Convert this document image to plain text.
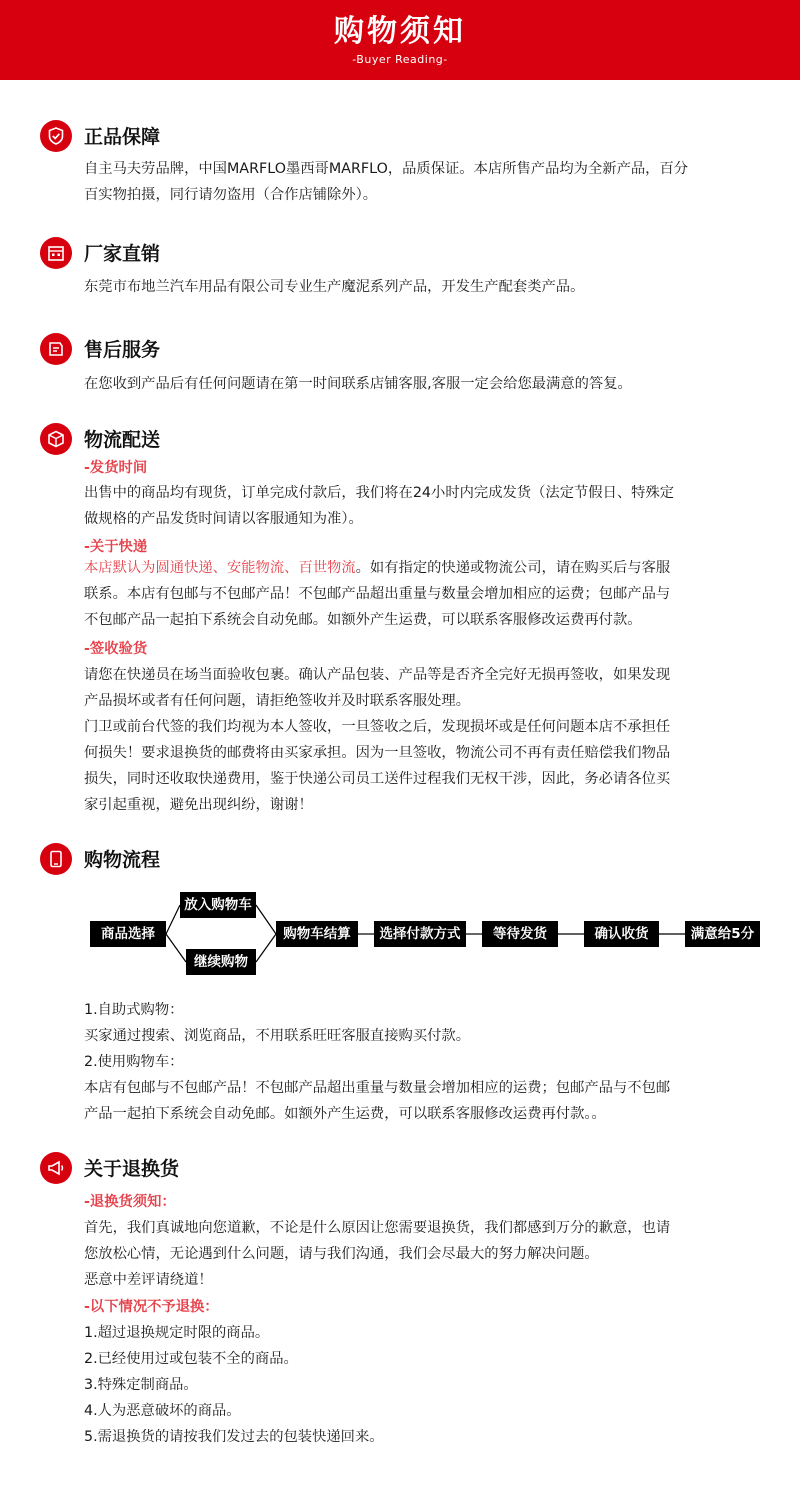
购物须知
-Buyer Reading-
正品保障
自主马夫劳品牌，中国MARFLO墨西哥MARFLO，品质保证。本店所售产品均为全新产品，百分
百实物拍摄，同行请勿盗用（合作店铺除外）。
厂家直销
东莞市布地兰汽车用品有限公司专业生产魔泥系列产品，开发生产配套类产品。
售后服务
在您收到产品后有任何问题请在第一时间联系店铺客服,客服一定会给您最满意的答复。
物流配送
-发货时间
出售中的商品均有现货，订单完成付款后，我们将在24小时内完成发货（法定节假日、特殊定
做规格的产品发货时间请以客服通知为准）。
-关于快递
本店默认为圆通快递、安能物流、百世物流。如有指定的快递或物流公司，请在购买后与客服
联系。本店有包邮与不包邮产品！不包邮产品超出重量与数量会增加相应的运费；包邮产品与
不包邮产品一起拍下系统会自动免邮。如额外产生运费，可以联系客服修改运费再付款。
-签收验货
请您在快递员在场当面验收包裹。确认产品包装、产品等是否齐全完好无损再签收，如果发现
产品损坏或者有任何问题，请拒绝签收并及时联系客服处理。
门卫或前台代签的我们均视为本人签收，一旦签收之后，发现损坏或是任何问题本店不承担任
何损失！要求退换货的邮费将由买家承担。因为一旦签收，物流公司不再有责任赔偿我们物品
损失，同时还收取快递费用，鉴于快递公司员工送件过程我们无权干涉，因此，务必请各位买
家引起重视，避免出现纠纷，谢谢！
购物流程
商品选择
放入购物车
继续购物
购物车结算	选择付款方式	等待发货	确认收货	满意给5分
1.自助式购物：
买家通过搜索、浏览商品，不用联系旺旺客服直接购买付款。
2.使用购物车：
本店有包邮与不包邮产品！不包邮产品超出重量与数量会增加相应的运费；包邮产品与不包邮
产品一起拍下系统会自动免邮。如额外产生运费，可以联系客服修改运费再付款。。
关于退换货
-退换货须知：
首先，我们真诚地向您道歉，不论是什么原因让您需要退换货，我们都感到万分的歉意，也请
您放松心情，无论遇到什么问题，请与我们沟通，我们会尽最大的努力解决问题。
恶意中差评请绕道！
-以下情况不予退换：
1.超过退换规定时限的商品。
2.已经使用过或包装不全的商品。
3.特殊定制商品。
4.人为恶意破坏的商品。
5.需退换货的请按我们发过去的包装快递回来。
